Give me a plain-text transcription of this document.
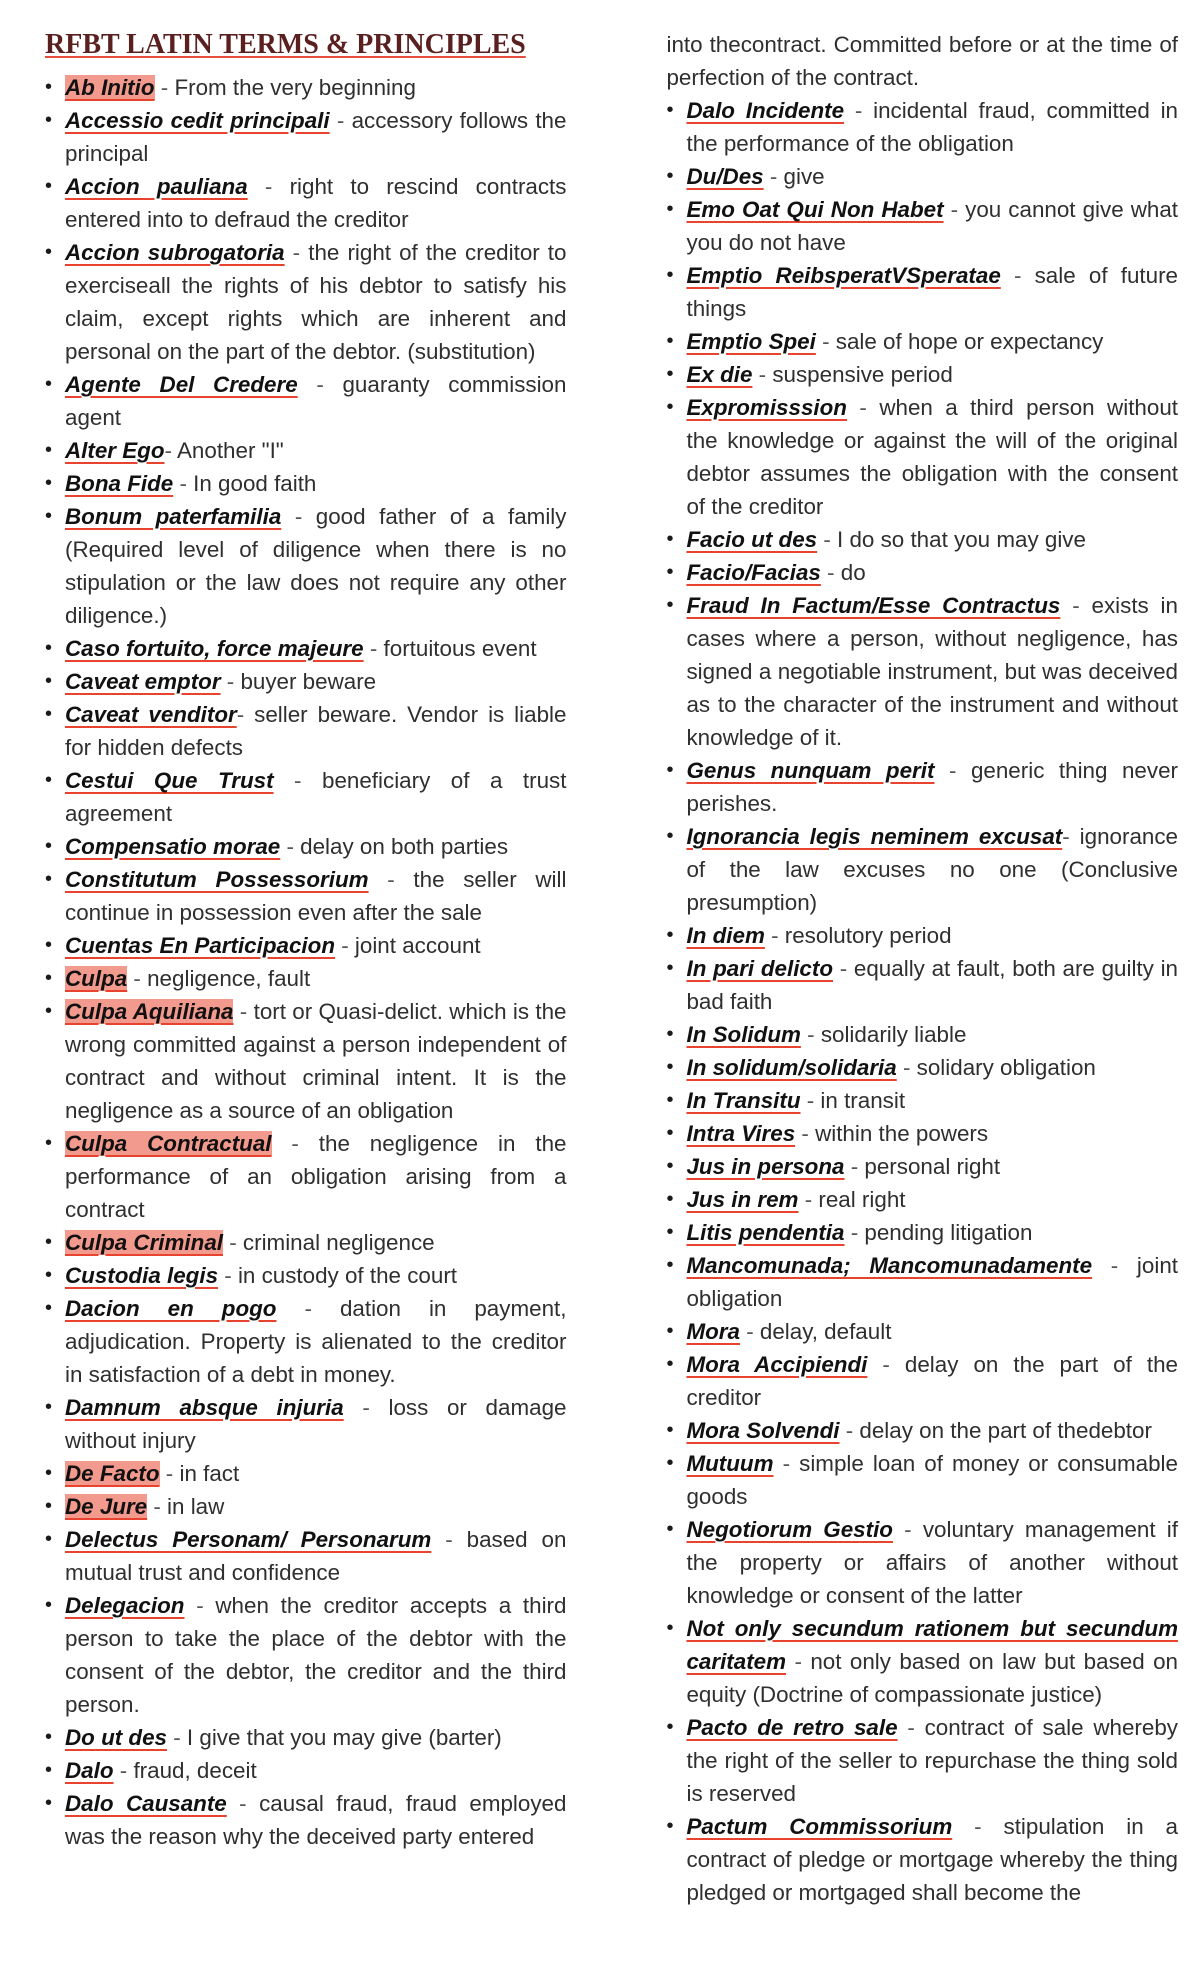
RFBT LATIN TERMS & PRINCIPLES
• Ab Initio - From the very beginning
• Accessio cedit principali - accessory follows the principal
• Accion pauliana - right to rescind contracts entered into to defraud the creditor
• Accion subrogatoria - the right of the creditor to exerciseall the rights of his debtor to satisfy his claim, except rights which are inherent and personal on the part of the debtor. (substitution)
• Agente Del Credere - guaranty commission agent
• Alter Ego- Another "I"
• Bona Fide - In good faith
• Bonum paterfamilia - good father of a family (Required level of diligence when there is no stipulation or the law does not require any other diligence.)
• Caso fortuito, force majeure - fortuitous event
• Caveat emptor - buyer beware
• Caveat venditor- seller beware. Vendor is liable for hidden defects
• Cestui Que Trust - beneficiary of a trust agreement
• Compensatio morae - delay on both parties
• Constitutum Possessorium - the seller will continue in possession even after the sale
• Cuentas En Participacion - joint account
• Culpa - negligence, fault
• Culpa Aquiliana - tort or Quasi-delict. which is the wrong committed against a person independent of contract and without criminal intent. It is the negligence as a source of an obligation
• Culpa Contractual - the negligence in the performance of an obligation arising from a contract
• Culpa Criminal - criminal negligence
• Custodia legis - in custody of the court
• Dacion en pogo - dation in payment, adjudication. Property is alienated to the creditor in satisfaction of a debt in money.
• Damnum absque injuria - loss or damage without injury
• De Facto - in fact
• De Jure - in law
• Delectus Personam/ Personarum - based on mutual trust and confidence
• Delegacion - when the creditor accepts a third person to take the place of the debtor with the consent of the debtor, the creditor and the third person.
• Do ut des - I give that you may give (barter)
• Dalo - fraud, deceit
• Dalo Causante - causal fraud, fraud employed was the reason why the deceived party entered
into thecontract. Committed before or at the time of perfection of the contract.
• Dalo Incidente - incidental fraud, committed in the performance of the obligation
• Du/Des - give
• Emo Oat Qui Non Habet - you cannot give what you do not have
• Emptio ReibsperatVSperatae - sale of future things
• Emptio Spei - sale of hope or expectancy
• Ex die - suspensive period
• Expromisssion - when a third person without the knowledge or against the will of the original debtor assumes the obligation with the consent of the creditor
• Facio ut des - I do so that you may give
• Facio/Facias - do
• Fraud In Factum/Esse Contractus - exists in cases where a person, without negligence, has signed a negotiable instrument, but was deceived as to the character of the instrument and without knowledge of it.
• Genus nunquam perit - generic thing never perishes.
• Ignorancia legis neminem excusat- ignorance of the law excuses no one (Conclusive presumption)
• In diem - resolutory period
• In pari delicto - equally at fault, both are guilty in bad faith
• In Solidum - solidarily liable
• In solidum/solidaria - solidary obligation
• In Transitu - in transit
• Intra Vires - within the powers
• Jus in persona - personal right
• Jus in rem - real right
• Litis pendentia - pending litigation
• Mancomunada; Mancomunadamente - joint obligation
• Mora - delay, default
• Mora Accipiendi - delay on the part of the creditor
• Mora Solvendi - delay on the part of thedebtor
• Mutuum - simple loan of money or consumable goods
• Negotiorum Gestio - voluntary management if the property or affairs of another without knowledge or consent of the latter
• Not only secundum rationem but secundum caritatem - not only based on law but based on equity (Doctrine of compassionate justice)
• Pacto de retro sale - contract of sale whereby the right of the seller to repurchase the thing sold is reserved
• Pactum Commissorium - stipulation in a contract of pledge or mortgage whereby the thing pledged or mortgaged shall become the
